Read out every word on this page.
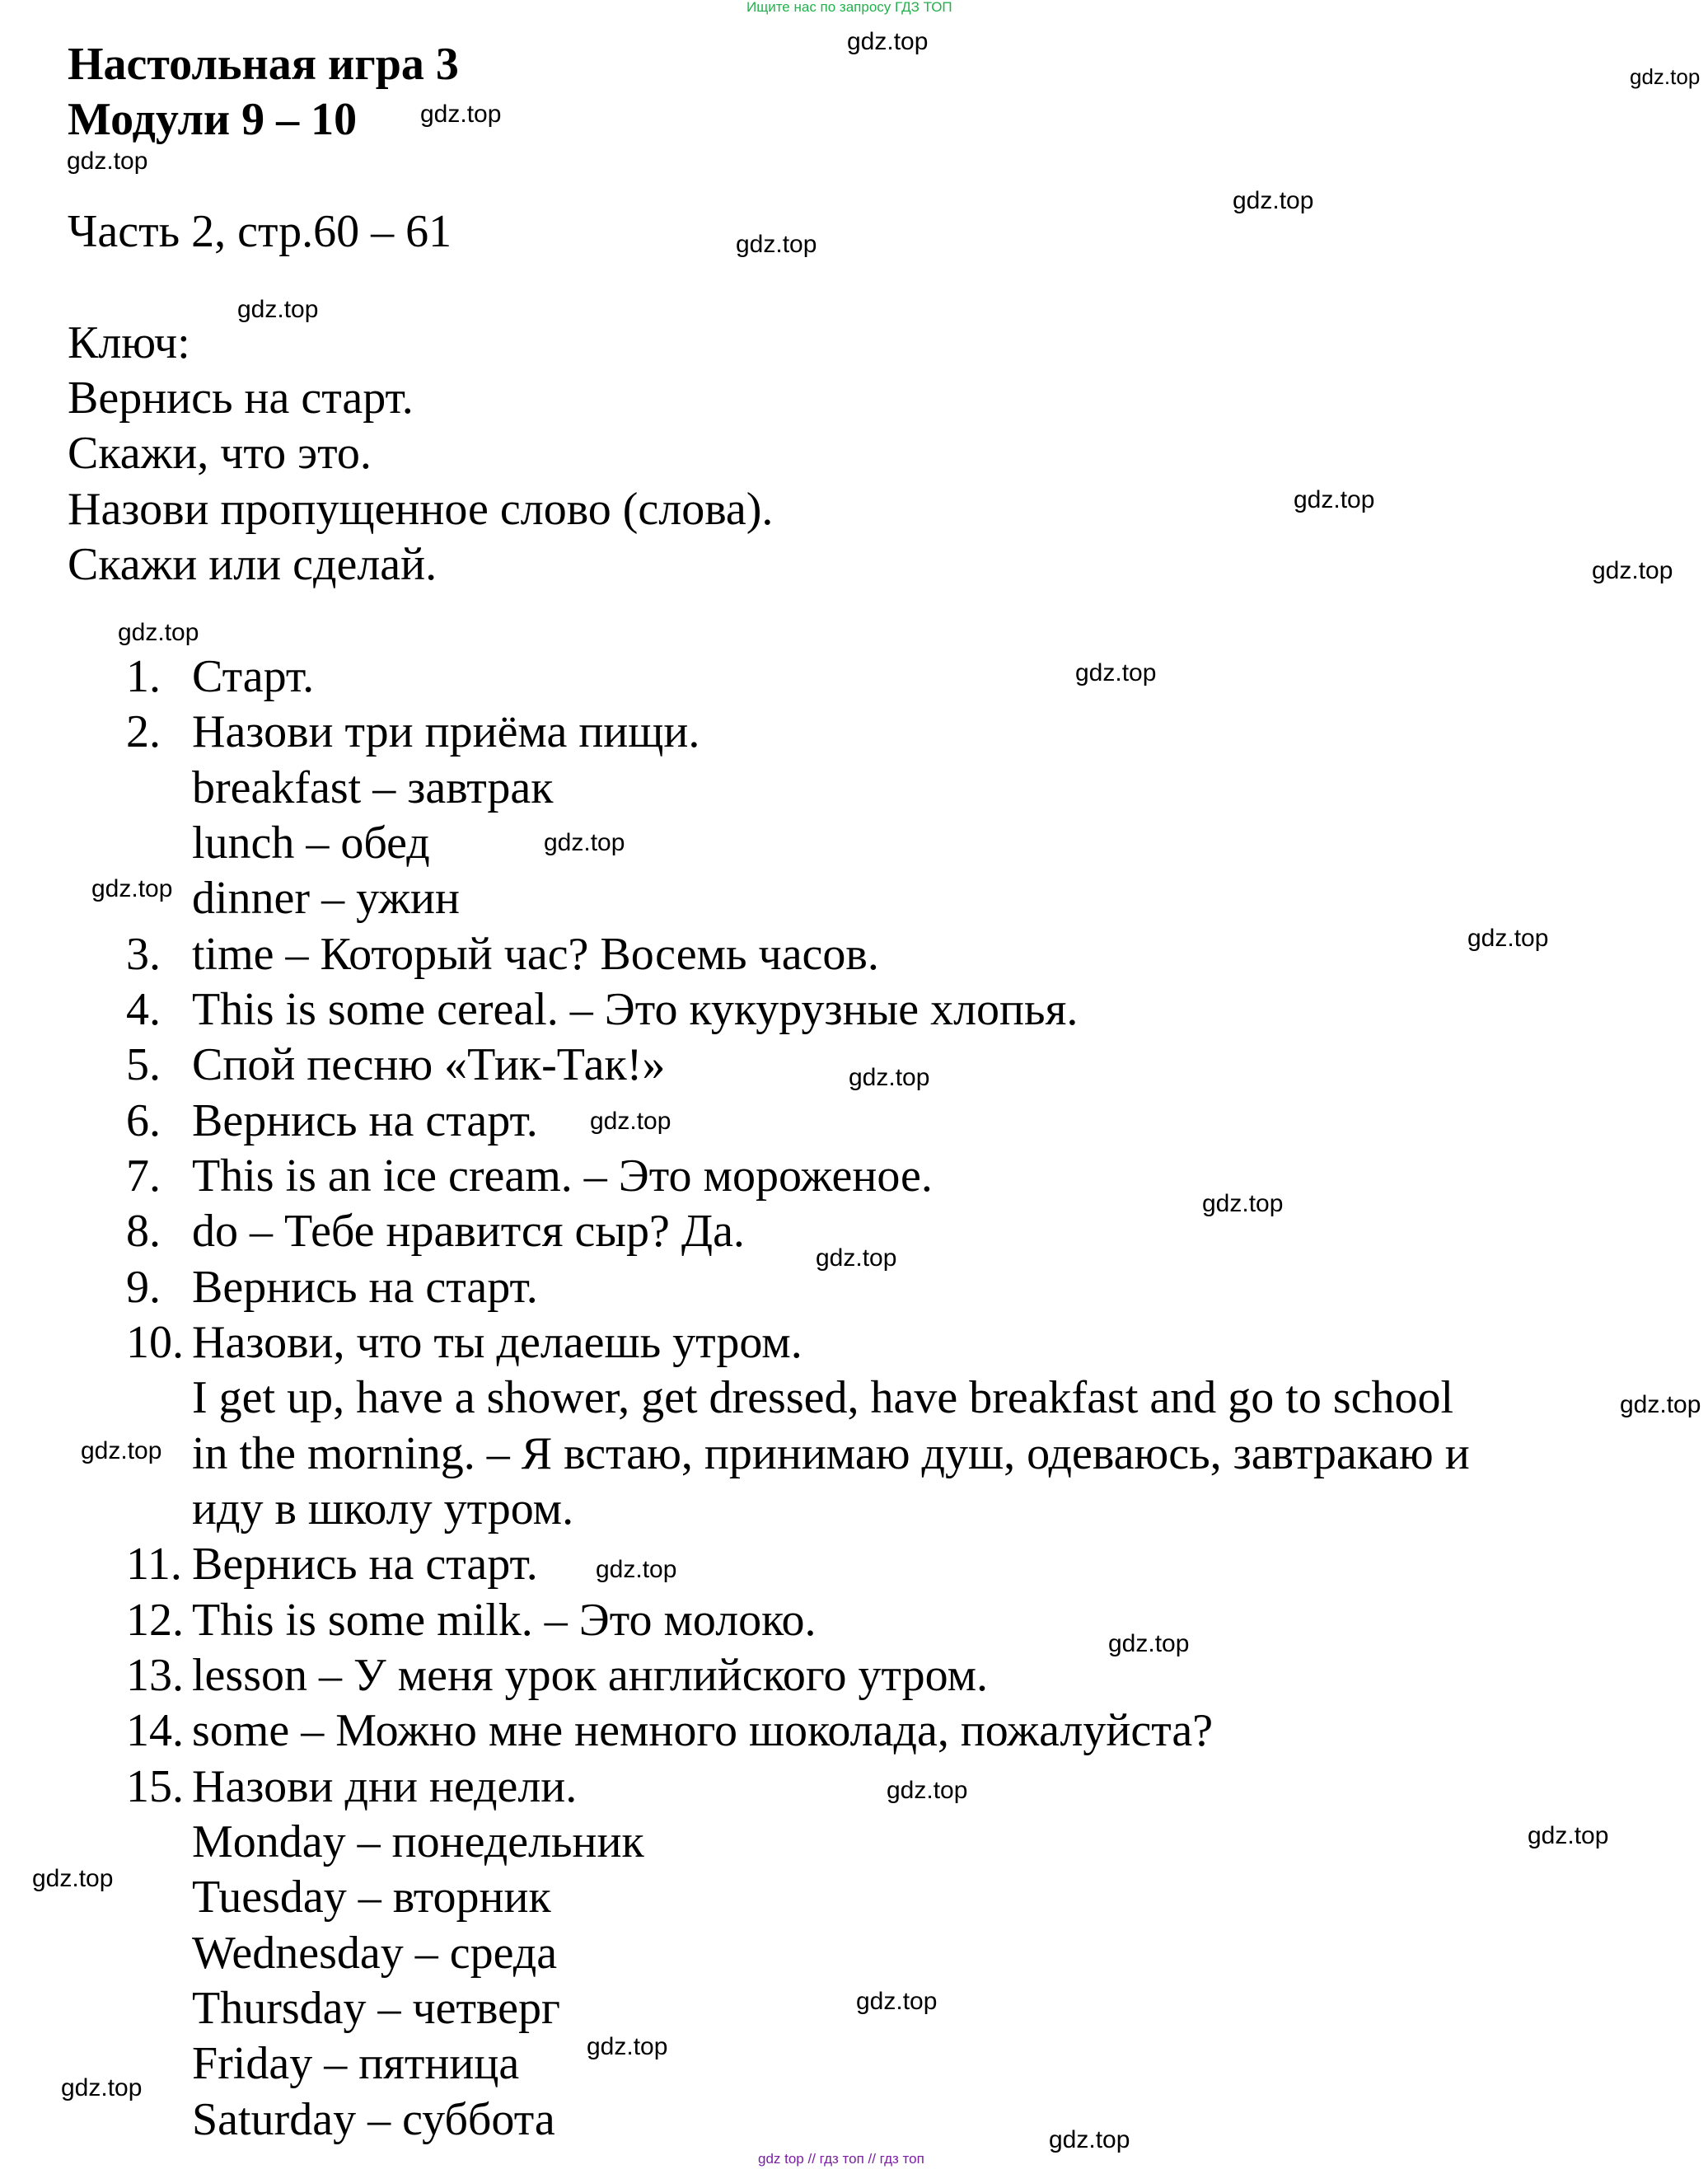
Ищите нас по запросу ГДЗ ТОП
Настольная игра 3
Модули 9 – 10
Часть 2, стр.60 – 61
Ключ:
Вернись на старт.
Скажи, что это.
Назови пропущенное слово (слова).
Скажи или сделай.
1. Старт.
2. Назови три приёма пищи.
breakfast – завтрак
lunch – обед
dinner – ужин
3. time – Который час? Восемь часов.
4. This is some cereal. – Это кукурузные хлопья.
5. Спой песню «Тик-Так!»
6. Вернись на старт.
7. This is an ice cream. – Это мороженое.
8. do – Тебе нравится сыр? Да.
9. Вернись на старт.
10. Назови, что ты делаешь утром.
I get up, have a shower, get dressed, have breakfast and go to school
in the morning. – Я встаю, принимаю душ, одеваюсь, завтракаю и
иду в школу утром.
11. Вернись на старт.
12. This is some milk. – Это молоко.
13. lesson – У меня урок английского утром.
14. some – Можно мне немного шоколада, пожалуйста?
15. Назови дни недели.
Monday – понедельник
Tuesday – вторник
Wednesday – среда
Thursday – четверг
Friday – пятница
Saturday – суббота
gdz.top
gdz.top
gdz.top
gdz.top
gdz.top
gdz.top
gdz.top
gdz.top
gdz.top
gdz.top
gdz.top
gdz.top
gdz.top
gdz.top
gdz.top
gdz.top
gdz.top
gdz.top
gdz.top
gdz.top
gdz.top
gdz.top
gdz.top
gdz.top
gdz.top
gdz.top
gdz.top
gdz.top
gdz.top
gdz top // гдз топ // гдз топ
